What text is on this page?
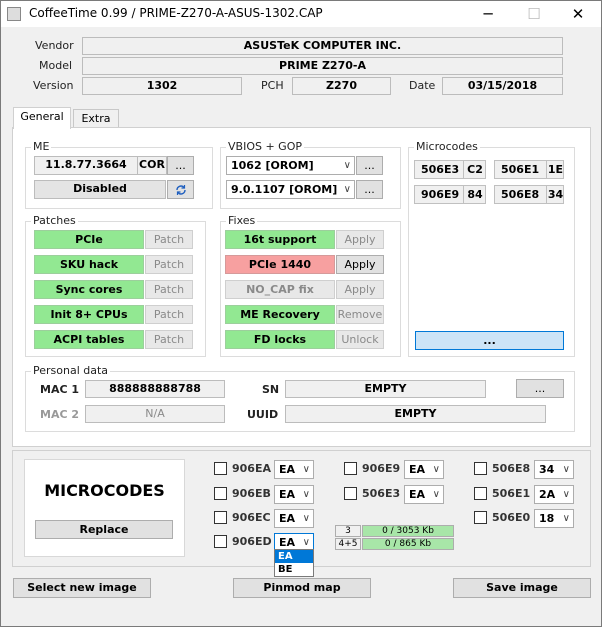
CoffeeTime 0.99 / PRIME-Z270-A-ASUS-1302.CAP	─	☐	✕
Vendor	ASUSTeK COMPUTER INC.
Model	PRIME Z270-A
Version	1302	PCH	Z270	Date	03/15/2018
General	Extra
ME
11.8.77.3664	COR ...
Disabled
VBIOS + GOP
1062 [OROM]	∨	...
9.0.1107 [OROM] ∨	...
Microcodes
506E3 C2	506E1 1E
906E9 84	506E8 34
...
Patches
PCIe	Patch
SKU hack	Patch
Sync cores	Patch
Init 8+ CPUs	Patch
ACPI tables	Patch
Fixes
16t support	Apply
PCIe 1440	Apply
NO_CAP fix	Apply
ME Recovery	Remove
FD locks	Unlock
Personal data
MAC 1	888888888788
MAC 2	N/A
SN	EMPTY
UUID	EMPTY
...
MICROCODES
Replace
906EA EA ∨
906EB EA ∨
906EC EA ∨
906ED EA ∨
906E9 EA ∨
506E3 EA ∨
506E8 34 ∨
506E1 2A ∨
506E0 18 ∨
3	0 / 3053 Kb
4+5	0 / 865 Kb
EA
BE
Select new image	Pinmod map	Save image
